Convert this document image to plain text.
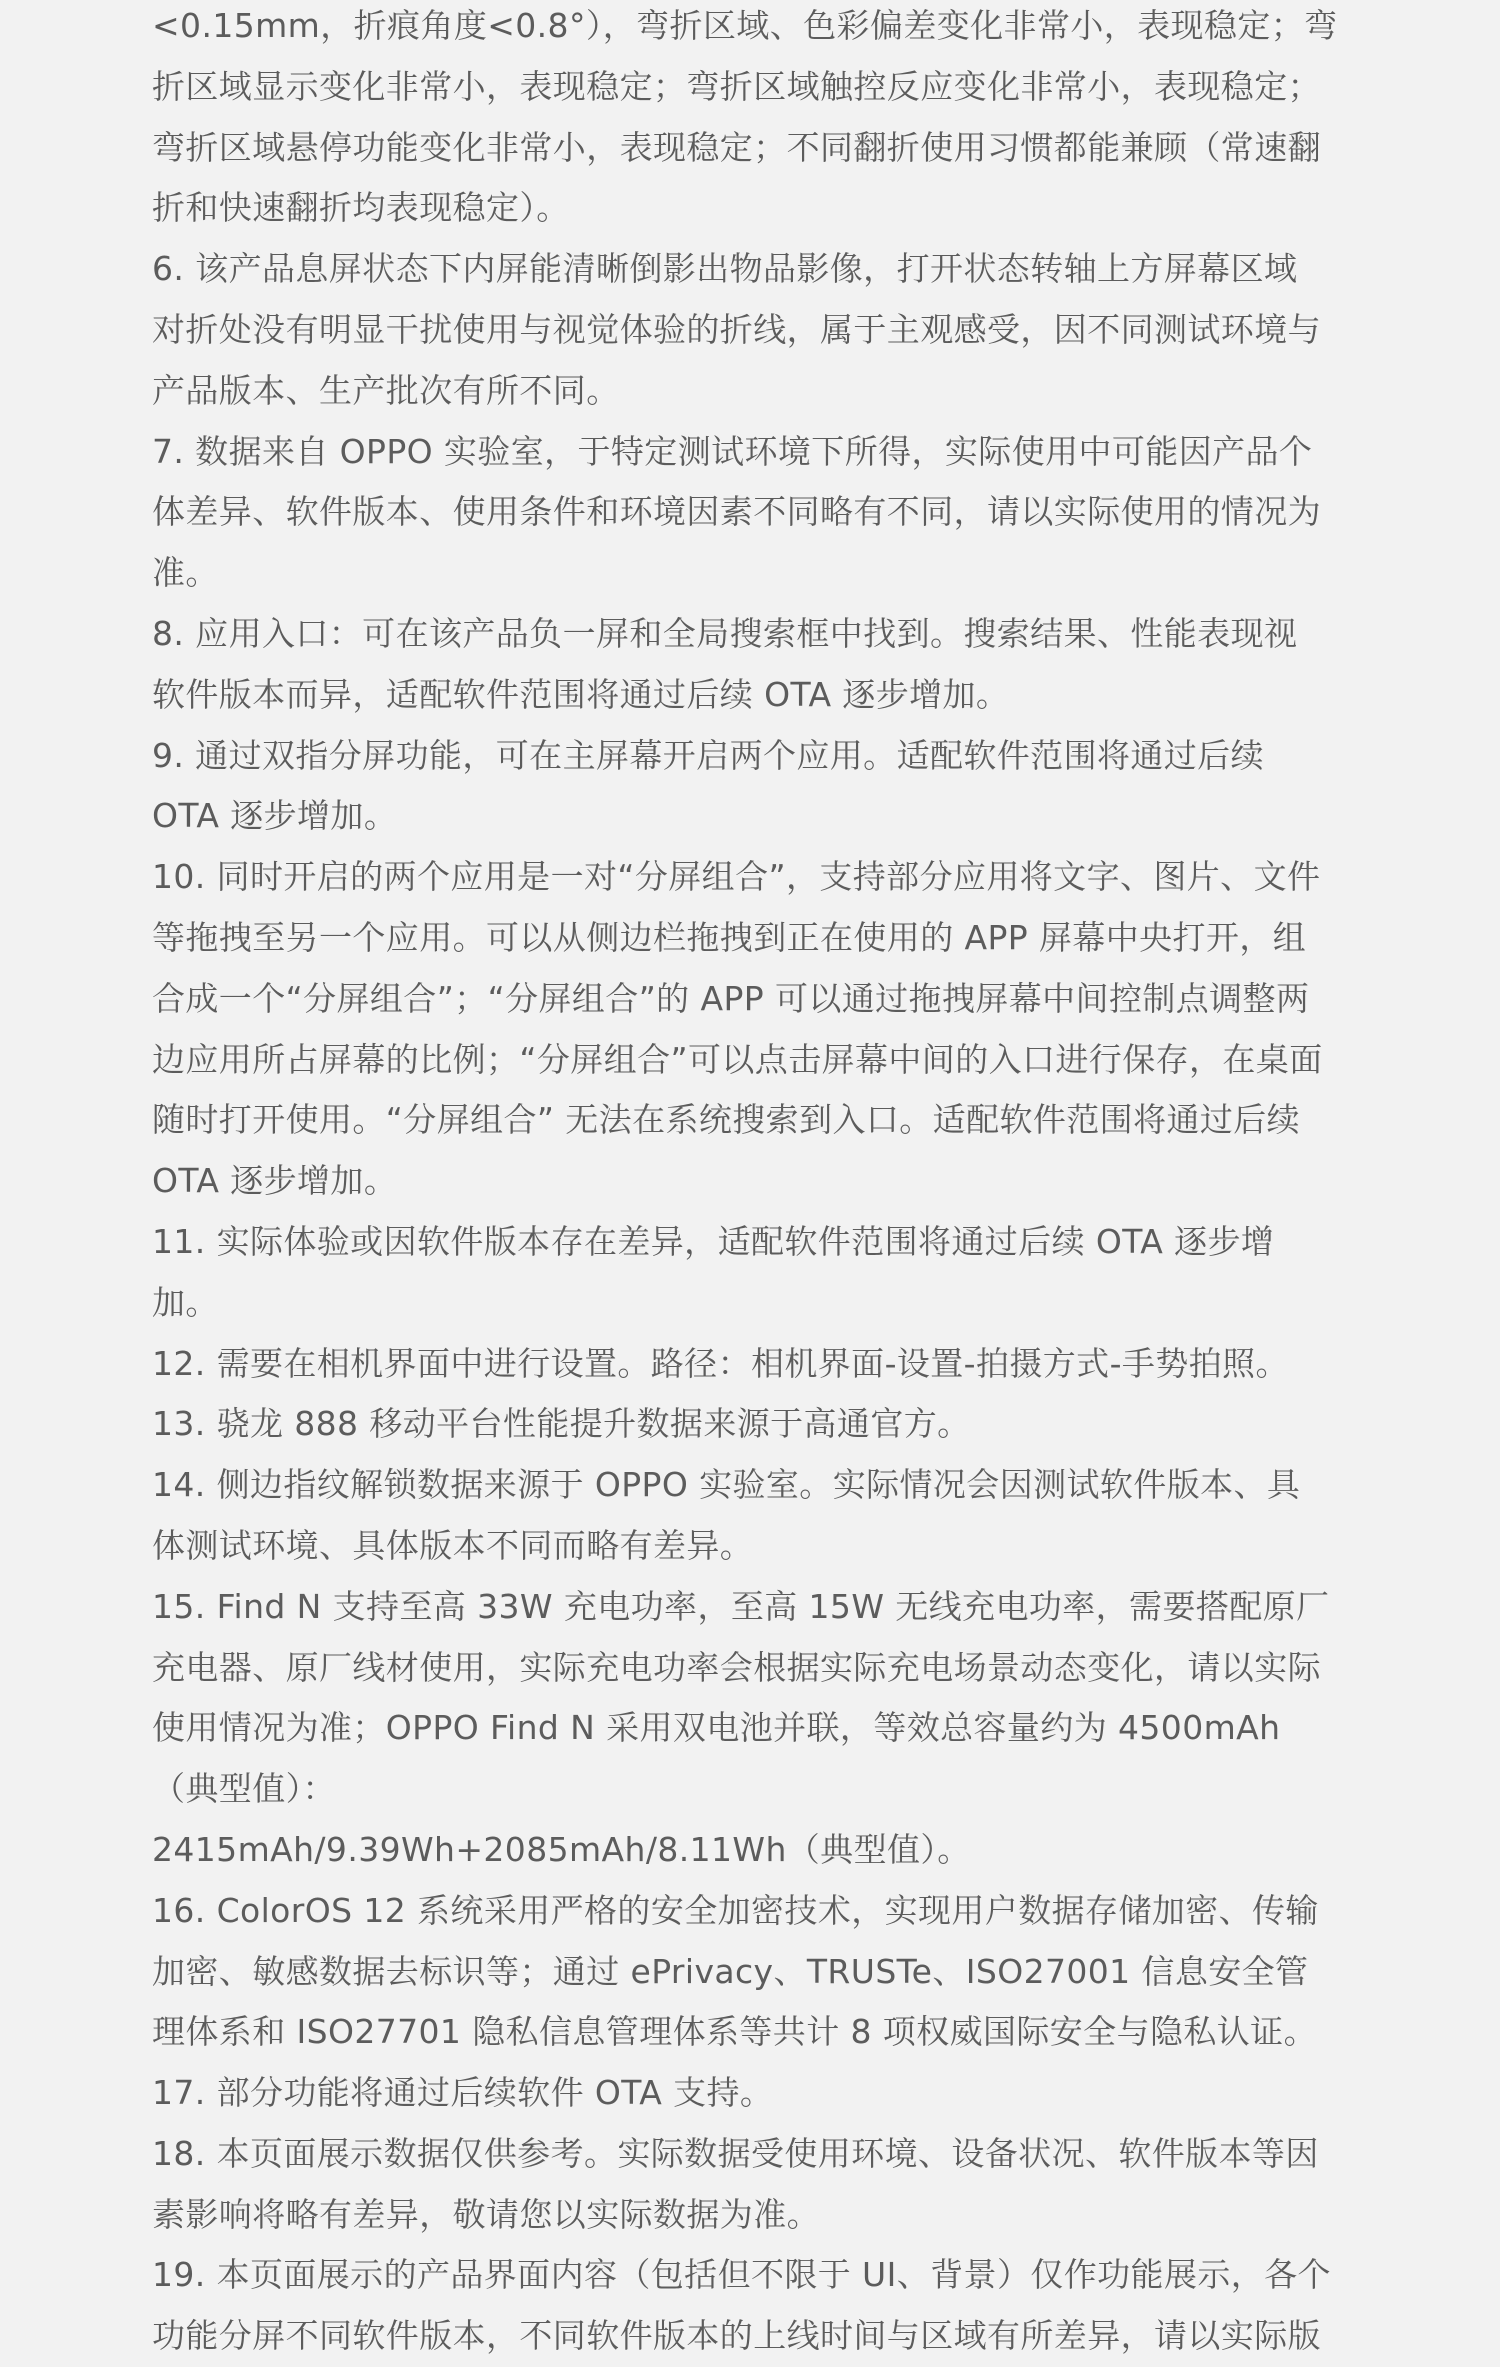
<0.15mm，折痕角度<0.8°），弯折区域、色彩偏差变化非常小，表现稳定；弯
折区域显示变化非常小，表现稳定；弯折区域触控反应变化非常小，表现稳定；
弯折区域悬停功能变化非常小，表现稳定；不同翻折使用习惯都能兼顾（常速翻
折和快速翻折均表现稳定）。
6. 该产品息屏状态下内屏能清晰倒影出物品影像，打开状态转轴上方屏幕区域
对折处没有明显干扰使用与视觉体验的折线，属于主观感受，因不同测试环境与
产品版本、生产批次有所不同。
7. 数据来自 OPPO 实验室，于特定测试环境下所得，实际使用中可能因产品个
体差异、软件版本、使用条件和环境因素不同略有不同，请以实际使用的情况为
准。
8. 应用入口：可在该产品负一屏和全局搜索框中找到。搜索结果、性能表现视
软件版本而异，适配软件范围将通过后续 OTA 逐步增加。
9. 通过双指分屏功能，可在主屏幕开启两个应用。适配软件范围将通过后续
OTA 逐步增加。
10. 同时开启的两个应用是一对“分屏组合”，支持部分应用将文字、图片、文件
等拖拽至另一个应用。可以从侧边栏拖拽到正在使用的 APP 屏幕中央打开，组
合成一个“分屏组合”；“分屏组合”的 APP 可以通过拖拽屏幕中间控制点调整两
边应用所占屏幕的比例；“分屏组合”可以点击屏幕中间的入口进行保存，在桌面
随时打开使用。“分屏组合” 无法在系统搜索到入口。适配软件范围将通过后续
OTA 逐步增加。
11. 实际体验或因软件版本存在差异，适配软件范围将通过后续 OTA 逐步增
加。
12. 需要在相机界面中进行设置。路径：相机界面-设置-拍摄方式-手势拍照。
13. 骁龙 888 移动平台性能提升数据来源于高通官方。
14. 侧边指纹解锁数据来源于 OPPO 实验室。实际情况会因测试软件版本、具
体测试环境、具体版本不同而略有差异。
15. Find N 支持至高 33W 充电功率，至高 15W 无线充电功率，需要搭配原厂
充电器、原厂线材使用，实际充电功率会根据实际充电场景动态变化，请以实际
使用情况为准；OPPO Find N 采用双电池并联，等效总容量约为 4500mAh
（典型值）：
2415mAh/9.39Wh+2085mAh/8.11Wh（典型值）。
16. ColorOS 12 系统采用严格的安全加密技术，实现用户数据存储加密、传输
加密、敏感数据去标识等；通过 ePrivacy、TRUSTe、ISO27001 信息安全管
理体系和 ISO27701 隐私信息管理体系等共计 8 项权威国际安全与隐私认证。
17. 部分功能将通过后续软件 OTA 支持。
18. 本页面展示数据仅供参考。实际数据受使用环境、设备状况、软件版本等因
素影响将略有差异，敬请您以实际数据为准。
19. 本页面展示的产品界面内容（包括但不限于 UI、背景）仅作功能展示，各个
功能分屏不同软件版本，不同软件版本的上线时间与区域有所差异，请以实际版
